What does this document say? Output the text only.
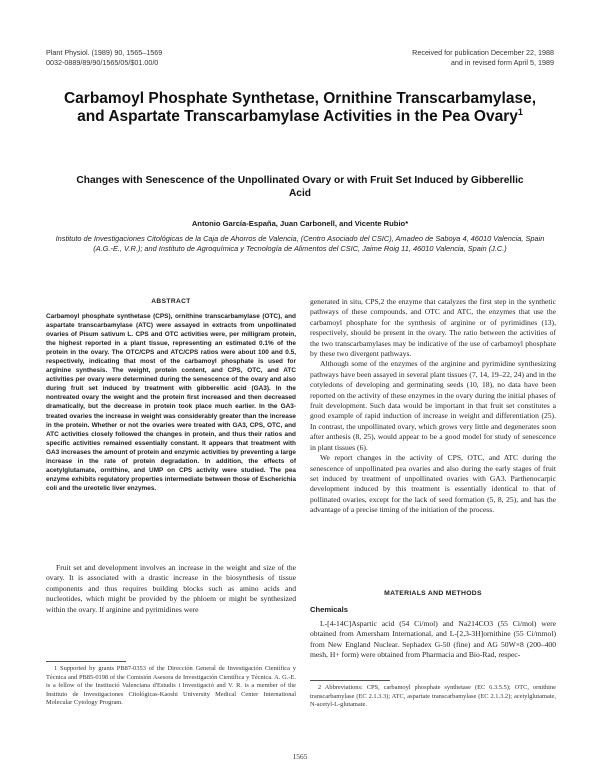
Plant Physiol. (1989) 90, 1565–1569
0032-0889/89/90/1565/05/$01.00/0
Received for publication December 22, 1988
and in revised form April 5, 1989
Carbamoyl Phosphate Synthetase, Ornithine Transcarbamylase, and Aspartate Transcarbamylase Activities in the Pea Ovary$^1$
Changes with Senescence of the Unpollinated Ovary or with Fruit Set Induced by Gibberellic Acid
Antonio García-España, Juan Carbonell, and Vicente Rubio*
Instituto de Investigaciones Citológicas de la Caja de Ahorros de Valencia, (Centro Asociado del CSIC), Amadeo de Saboya 4, 46010 Valencia, Spain (A.G.-E., V.R.); and Instituto de Agroquímica y Tecnología de Alimentos del CSIC, Jaime Roig 11, 46010 Valencia, Spain (J.C.)
ABSTRACT
Carbamoyl phosphate synthetase (CPS), ornithine transcarbamylase (OTC), and aspartate transcarbamylase (ATC) were assayed in extracts from unpollinated ovaries of Pisum sativum L. CPS and OTC activities were, per milligram protein, the highest reported in a plant tissue, representing an estimated 0.1% of the protein in the ovary. The OTC/CPS and ATC/CPS ratios were about 100 and 0.5, respectively, indicating that most of the carbamoyl phosphate is used for arginine synthesis. The weight, protein content, and CPS, OTC, and ATC activities per ovary were determined during the senescence of the ovary and also during fruit set induced by treatment with gibberellic acid (GA3). In the nontreated ovary the weight and the protein first increased and then decreased dramatically, but the decrease in protein took place much earlier. In the GA3-treated ovaries the increase in weight was considerably greater than the increase in the protein. Whether or not the ovaries were treated with GA3, CPS, OTC, and ATC activities closely followed the changes in protein, and thus their ratios and specific activities remained essentially constant. It appears that treatment with GA3 increases the amount of protein and enzymic activities by preventing a large increase in the rate of protein degradation. In addition, the effects of acetylglutamate, ornithine, and UMP on CPS activity were studied. The pea enzyme exhibits regulatory properties intermediate between those of Escherichia coli and the ureotelic liver enzymes.
Fruit set and development involves an increase in the weight and size of the ovary. It is associated with a drastic increase in the biosynthesis of tissue components and thus requires building blocks such as amino acids and nucleotides, which might be provided by the phloem or might be synthesized within the ovary. If arginine and pyrimidines were

generated in situ, CPS,2 the enzyme that catalyzes the first step in the synthetic pathways of these compounds, and OTC and ATC, the enzymes that use the carbamoyl phosphate for the synthesis of arginine or of pyrimidines (13), respectively, should be present in the ovary. The ratio between the activities of the two transcarbamylases may be indicative of the use of carbamoyl phosphate by these two divergent pathways.

Although some of the enzymes of the arginine and pyrimidine synthesizing pathways have been assayed in several plant tissues (7, 14, 19–22, 24) and in the cotyledons of developing and germinating seeds (10, 18), no data have been reported on the activity of these enzymes in the ovary during the initial phases of fruit development. Such data would be important in that fruit set constitutes a good example of rapid induction of increase in weight and differentiation (25). In contrast, the unpollinated ovary, which grows very little and degenerates soon after anthesis (8, 25), would appear to be a good model for study of senescence in plant tissues (6).

We report changes in the activity of CPS, OTC, and ATC during the senescence of unpollinated pea ovaries and also during the early stages of fruit set induced by treatment of unpollinated ovaries with GA3. Parthenocarpic development induced by this treatment is essentially identical to that of pollinated ovaries, except for the lack of seed formation (5, 8, 25), and has the advantage of a precise timing of the initiation of the process.

MATERIALS AND METHODS
Chemicals
L-[4-14C]Aspartic acid (54 Ci/mol) and Na214CO3 (55 Ci/mol) were obtained from Amersham International, and L-[2,3-3H]ornithine (55 Ci/mmol) from New England Nuclear. Sephadex G-50 (fine) and AG 50W×8 (200–400 mesh, H+ form) were obtained from Pharmacia and Bio-Rad, respec-
1 Supported by grants PB87-0353 of the Dirección General de Investigación Científica y Técnica and PB85-0198 of the Comisión Asesora de Investigación Científica y Técnica. A. G.-E. is a fellow of the Institució Valenciana d'Estudis i Investigació and V. R. is a member of the Instituto de Investigaciones Citológicas-Kaoshi University Medical Center International Molecular Cytology Program.
2 Abbreviations: CPS, carbamoyl phosphate synthetase (EC 6.3.5.5); OTC, ornithine transcarbamylase (EC 2.1.3.3); ATC, aspartate transcarbamylase (EC 2.1.3.2); acetylglutamate, N-acetyl-L-glutamate.
1565
